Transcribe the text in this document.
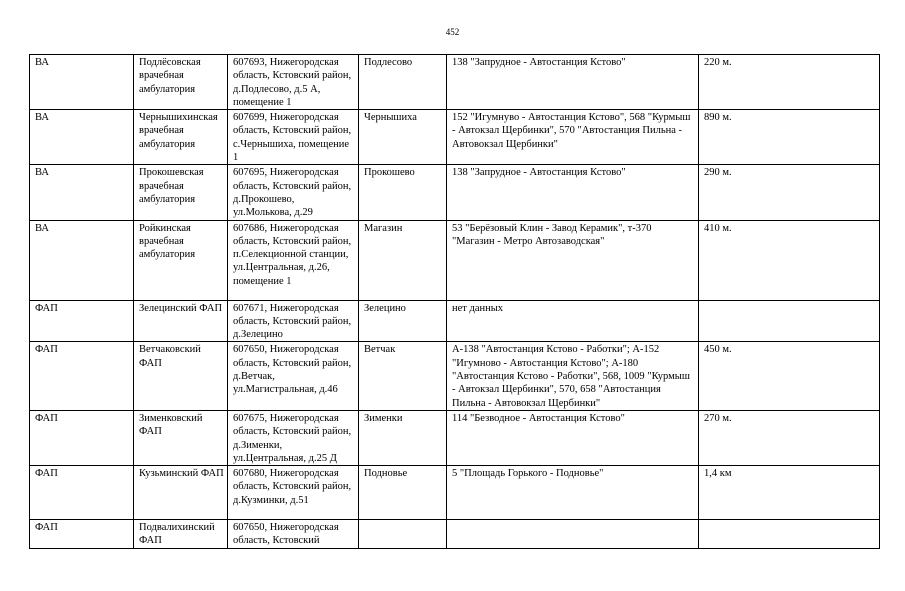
452
ВА	Подлёсовская врачебная амбулатория	607693, Нижегородская область, Кстовский район, д.Подлесово, д.5 А, помещение 1	Подлесово	138 "Запрудное - Автостанция Кстово"	220 м.
ВА	Чернышихинская врачебная амбулатория	607699, Нижегородская область, Кстовский район, с.Чернышиха, помещение 1	Чернышиха	152 "Игумнуво - Автостанция Кстово", 568 "Курмыш - Автокзал Щербинки", 570 "Автостанция Пильна - Автовокзал Щербинки"	890 м.
ВА	Прокошевская врачебная амбулатория	607695, Нижегородская область, Кстовский район, д.Прокошево, ул.Молькова, д.29	Прокошево	138 "Запрудное - Автостанция Кстово"	290 м.
ВА	Ройкинская врачебная амбулатория	607686, Нижегородская область, Кстовский район, п.Селекционной станции, ул.Центральная, д.26, помещение 1	Магазин	53 "Берёзовый Клин - Завод Керамик", т-370 "Магазин - Метро Автозаводская"	410 м.
ФАП	Зелецинский ФАП	607671, Нижегородская область, Кстовский район, д.Зелецино	Зелецино	нет данных	
ФАП	Ветчаковский ФАП	607650, Нижегородская область, Кстовский район, д.Ветчак, ул.Магистральная, д.46	Ветчак	А-138 "Автостанция Кстово - Работки"; А-152 "Игумново - Автостанция Кстово"; А-180 "Автостанция Кстово - Работки", 568, 1009 "Курмыш - Автокзал Щербинки", 570, 658 "Автостанция Пильна - Автовокзал Щербинки"	450 м.
ФАП	Зименковский ФАП	607675, Нижегородская область, Кстовский район, д.Зименки, ул.Центральная, д.25 Д	Зименки	114 "Безводное - Автостанция Кстово"	270 м.
ФАП	Кузьминский ФАП	607680, Нижегородская область, Кстовский район, д.Кузминки, д.51	Подновье	5 "Площадь Горького - Подновье"	1,4 км
ФАП	Подвалихинский ФАП	607650, Нижегородская область, Кстовский			
